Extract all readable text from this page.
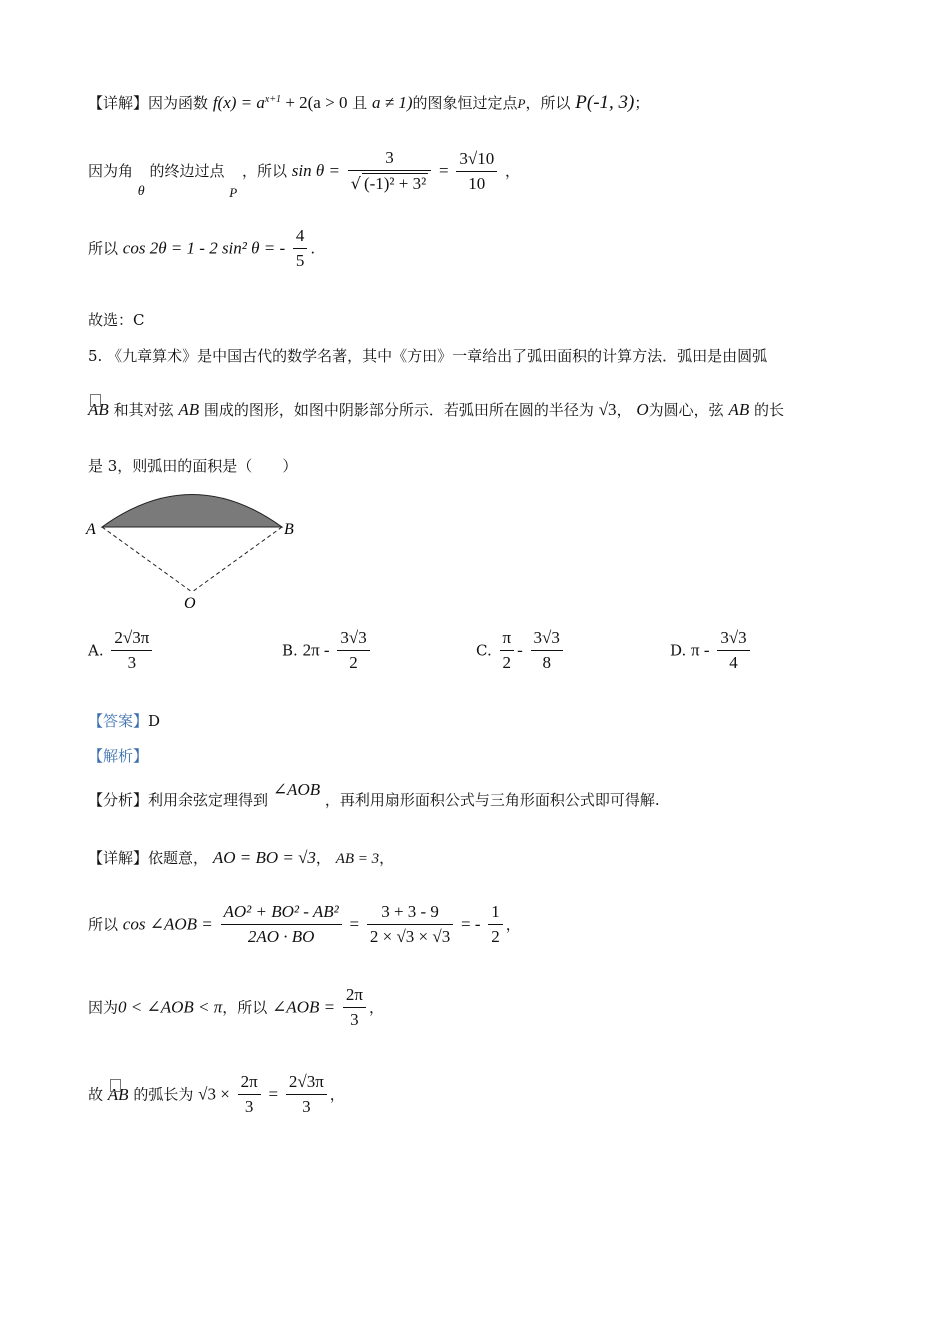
【详解】因为函数 $f(x) = a^{x+1} + 2(a > 0$ 且 a ≠ 1)的图象恒过定点P，所以 P(-1, 3)；
因为角 θ 的终边过点 P ，所以 $\sin \theta = \frac{3}{\text{√ (-1)² + 3²}} = \frac{3√10}{10}$ ，
所以 cos 2θ = 1 - 2 sin² θ = - $\frac{4}{5}$ .
故选：C
5. 《九章算术》是中国古代的数学名著，其中《方田》一章给出了弧田面积的计算方法．弧田是由圆弧
AB 和其对弦 AB 围成的图形，如图中阴影部分所示．若弧田所在圆的半径为 √3， O为圆心，弦 AB 的长
是 3，则弧田的面积是（　　）
A	B
O
A. $\frac{2√3\pi}{3}$	B. $2\pi - \frac{3√3}{2}$	C. $\frac{\pi}{2} - \frac{3√3}{8}$	D. π - $\frac{3√3}{4}$
【答案】D
【解析】
【分析】利用余弦定理得到 ∠AOB ，再利用扇形面积公式与三角形面积公式即可得解.
【详解】依题意， AO = BO = √3， AB = 3，
所以 cos ∠AOB = $\frac{\text{AO² + BO² - AB²}}{2AO \cdot BO} = \frac{3 + 3 - 9}{2 \times √3 \times √3}$ = - $\frac{1}{2}$ ，
因为0 < ∠AOB < π，所以 ∠AOB = $\frac{2\pi}{3}$ ，
故 AB 的弧长为 $√3 \times \frac{2\pi}{3} = \frac{2√3\pi}{3}$ ，
